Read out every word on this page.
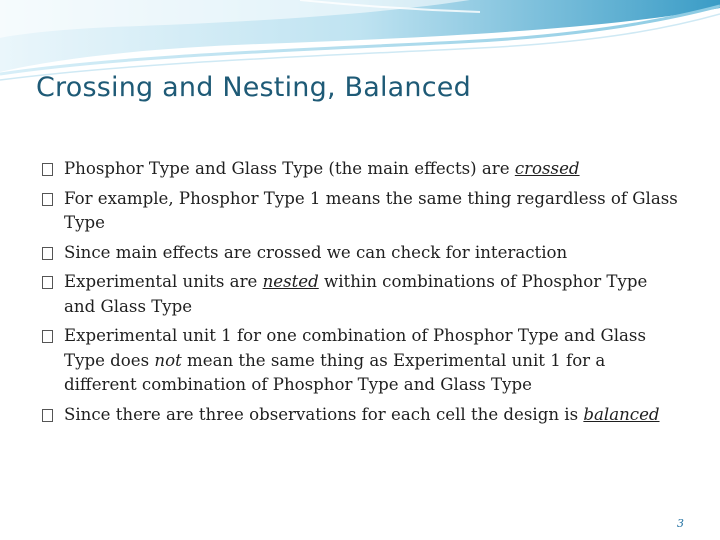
Crossing and Nesting, Balanced
Phosphor Type and Glass Type (the main effects) are crossed
For example, Phosphor Type 1 means the same thing regardless of Glass Type
Since main effects are crossed we can check for interaction
Experimental units are nested within combinations of Phosphor Type and Glass Type
Experimental unit 1 for one combination of Phosphor Type and Glass Type does not mean the same thing as Experimental unit 1 for a different combination of Phosphor Type and Glass Type
Since there are three observations for each cell the design is balanced
3
